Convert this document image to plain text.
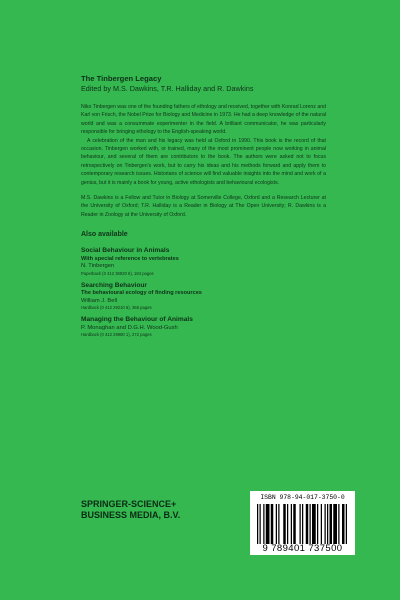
The Tinbergen Legacy
Edited by M.S. Dawkins, T.R. Halliday and R. Dawkins

Niko Tinbergen was one of the founding fathers of ethology and received, together with Konrad Lorenz and Karl von Frisch, the Nobel Prize for Biology and Medicine in 1973. He had a deep knowledge of the natural world and was a consummate experimenter in the field. A brilliant communicator, he was particularly responsible for bringing ethology to the English-speaking world.

A celebration of the man and his legacy was held at Oxford in 1990. This book is the record of that occasion. Tinbergen worked with, or trained, many of the most prominent people now working in animal behaviour, and several of them are contributors to the book. The authors were asked not to focus retrospectively on Tinbergen's work, but to carry his ideas and his methods forward and apply them to contemporary research issues. Historians of science will find valuable insights into the mind and work of a genius, but it is mainly a book for young, active ethologists and behavioural ecologists.

M.S. Dawkins is a Fellow and Tutor in Biology at Somerville College, Oxford and a Research Lecturer at the University of Oxford; T.R. Halliday is a Reader in Biology at The Open University; R. Dawkins is a Reader in Zoology at the University of Oxford.

Also available
Social Behaviour in Animals
With special reference to vertebrates
N. Tinbergen
Paperback (0 412 36920 6), 184 pages
Searching Behaviour
The behavioural ecology of finding resources
William J. Bell
Hardback (0 412 29210 6), 358 pages
Managing the Behaviour of Animals
P. Monaghan and D.G.H. Wood-Gush
Hardback (0 412 29980 1), 272 pages
SPRINGER-SCIENCE+
BUSINESS MEDIA, B.V.
ISBN 978-94-017-3750-0
9 789401 737500
